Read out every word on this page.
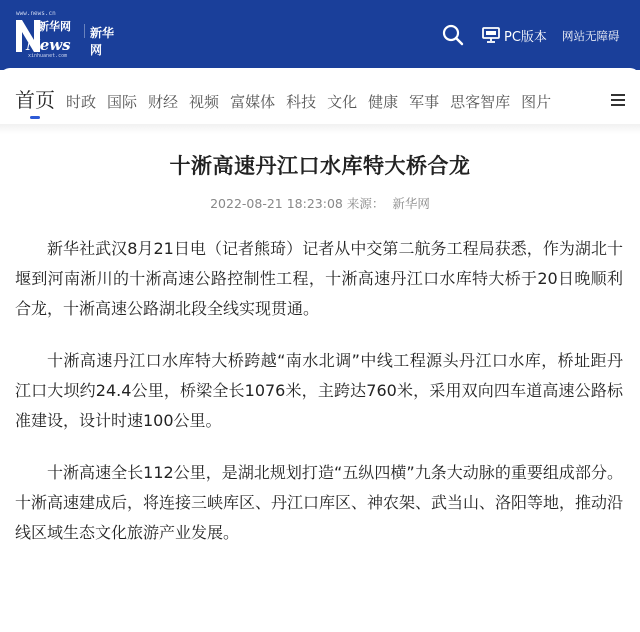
www.news.cn
新华网
News
xinhuanet.com
新华网
PC版本 网站无障碍
首页 时政 国际 财经 视频 富媒体 科技 文化 健康 军事 思客智库 图片
十淅高速丹江口水库特大桥合龙
2022-08-21 18:23:08 来源： 新华网

新华社武汉8月21日电（记者熊琦）记者从中交第二航务工程局获悉，作为湖北十堰到河南淅川的十淅高速公路控制性工程，十淅高速丹江口水库特大桥于20日晚顺利合龙，十淅高速公路湖北段全线实现贯通。

十淅高速丹江口水库特大桥跨越“南水北调”中线工程源头丹江口水库，桥址距丹江口大坝约24.4公里，桥梁全长1076米，主跨达760米，采用双向四车道高速公路标准建设，设计时速100公里。

十淅高速全长112公里，是湖北规划打造“五纵四横”九条大动脉的重要组成部分。十淅高速建成后，将连接三峡库区、丹江口库区、神农架、武当山、洛阳等地，推动沿线区域生态文化旅游产业发展。
